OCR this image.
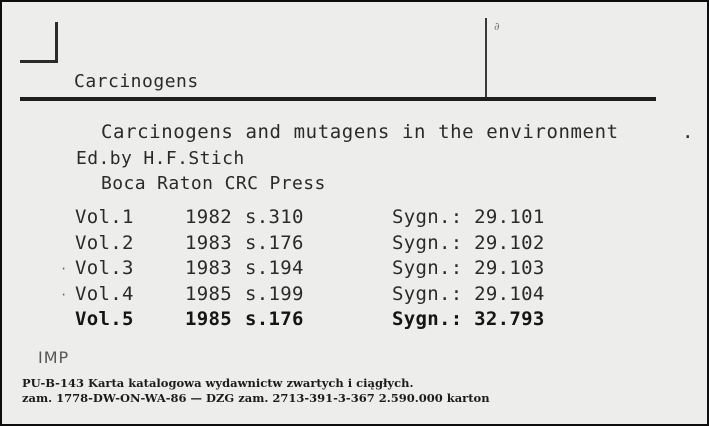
∂
Carcinogens
Carcinogens and mutagens in the environment	.
Ed.by H.F.Stich
Boca Raton CRC Press
Vol.1	1982 s.310	Sygn.: 29.101
Vol.2	1983 s.176	Sygn.: 29.102
· Vol.3	1983 s.194	Sygn.: 29.103
· Vol.4	1985 s.199	Sygn.: 29.104
Vol.5	1985 s.176	Sygn.: 32.793
IMP
PU-B-143 Karta katalogowa wydawnictw zwartych i ciągłych.
zam. 1778-DW-ON-WA-86 — DZG zam. 2713-391-3-367 2.590.000 karton
